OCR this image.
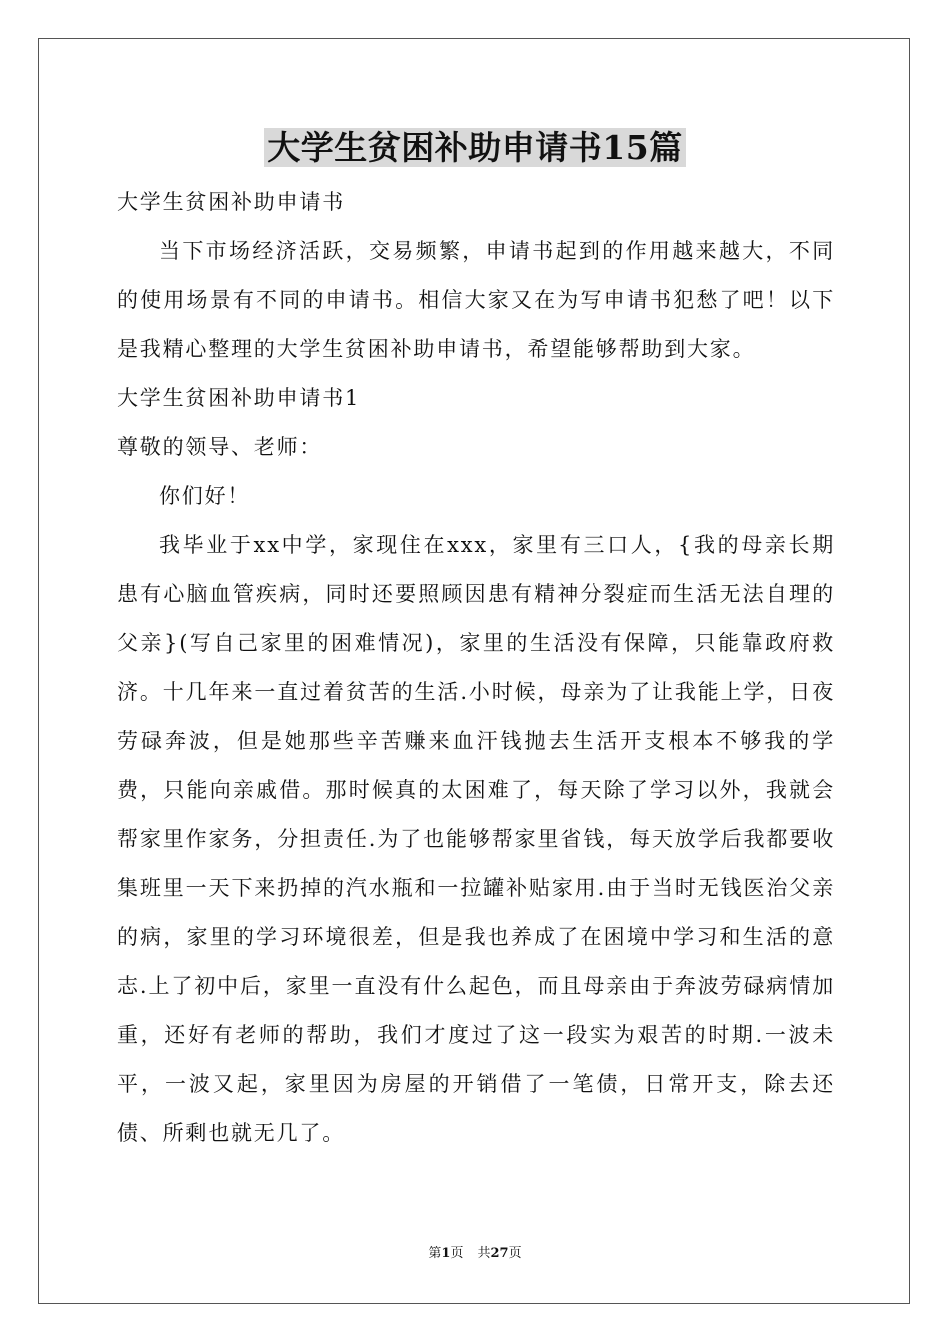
大学生贫困补助申请书15篇

大学生贫困补助申请书

当下市场经济活跃，交易频繁，申请书起到的作用越来越大，不同的使用场景有不同的申请书。相信大家又在为写申请书犯愁了吧！以下是我精心整理的大学生贫困补助申请书，希望能够帮助到大家。

大学生贫困补助申请书1

尊敬的领导、老师：

你们好！

我毕业于xx中学，家现住在xxx，家里有三口人，{我的母亲长期患有心脑血管疾病，同时还要照顾因患有精神分裂症而生活无法自理的父亲}(写自己家里的困难情况)，家里的生活没有保障，只能靠政府救济。十几年来一直过着贫苦的生活.小时候，母亲为了让我能上学，日夜劳碌奔波，但是她那些辛苦赚来血汗钱抛去生活开支根本不够我的学费，只能向亲戚借。那时候真的太困难了，每天除了学习以外，我就会帮家里作家务，分担责任.为了也能够帮家里省钱，每天放学后我都要收集班里一天下来扔掉的汽水瓶和一拉罐补贴家用.由于当时无钱医治父亲的病，家里的学习环境很差，但是我也养成了在困境中学习和生活的意志.上了初中后，家里一直没有什么起色，而且母亲由于奔波劳碌病情加重，还好有老师的帮助，我们才度过了这一段实为艰苦的时期.一波未平，一波又起，家里因为房屋的开销借了一笔债，日常开支，除去还债、所剩也就无几了。

第1页 共27页
